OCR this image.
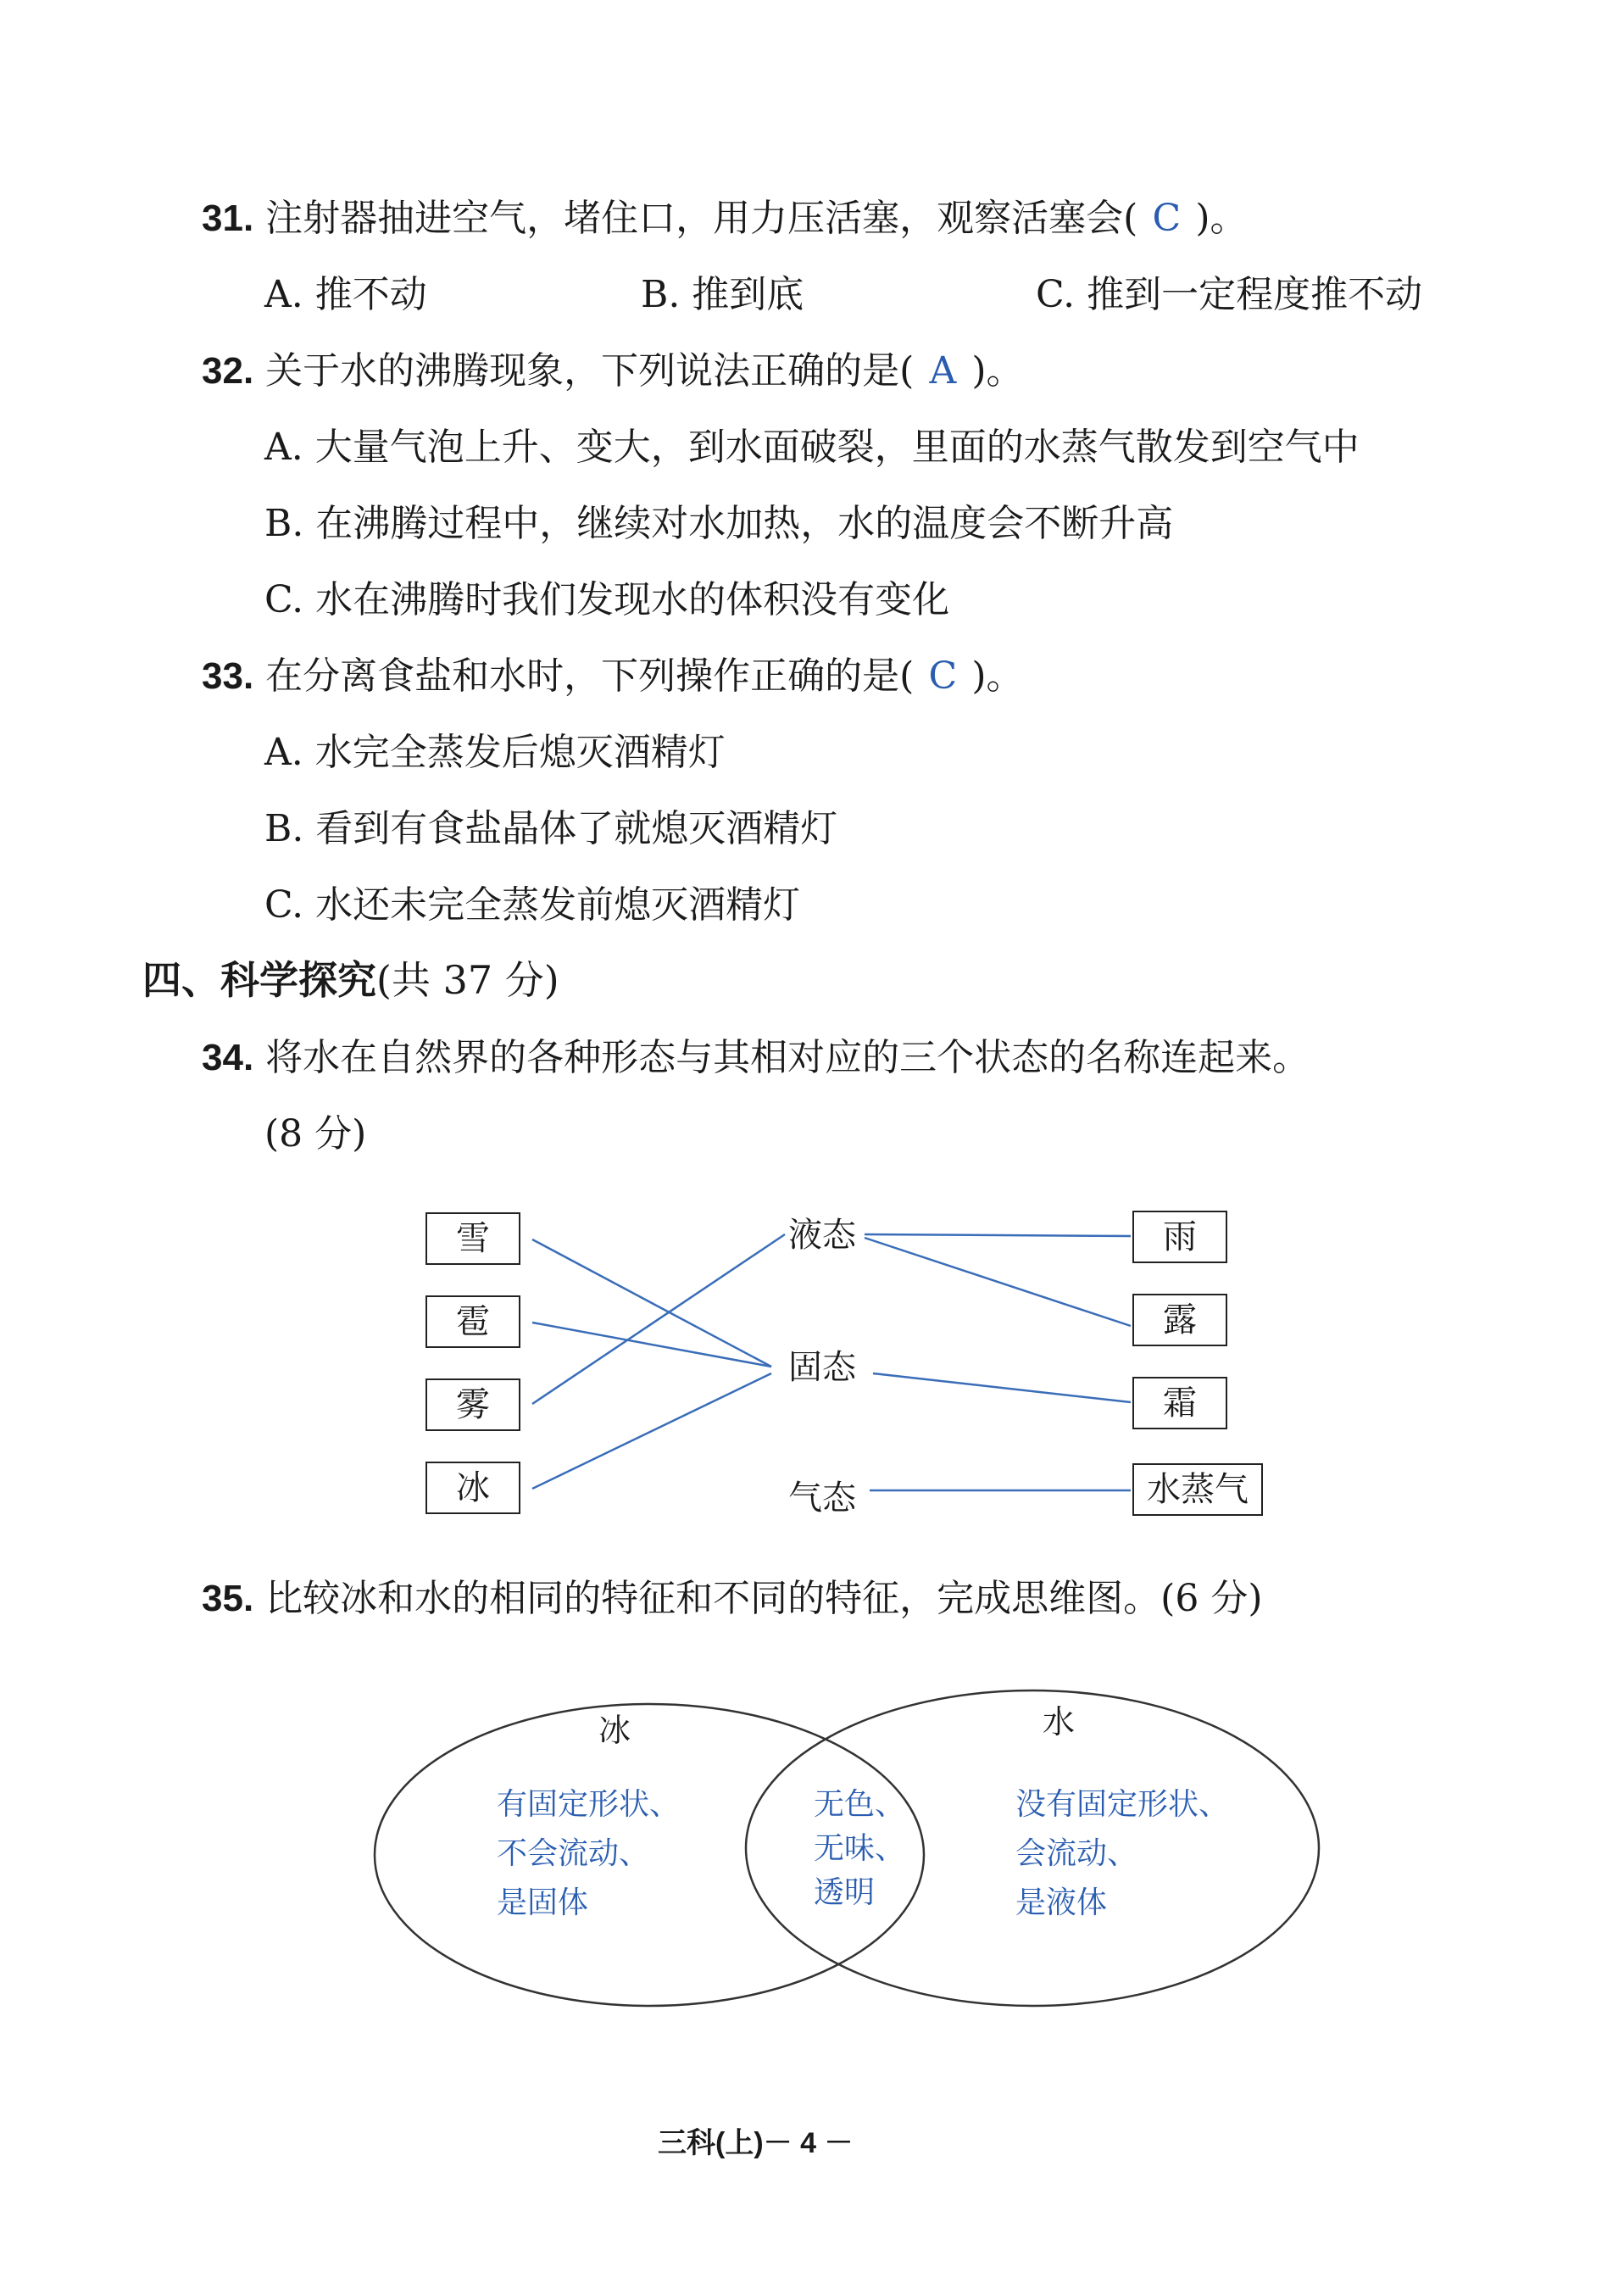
31. 注射器抽进空气，堵住口，用力压活塞，观察活塞会( C )。
A. 推不动	B. 推到底	C. 推到一定程度推不动
32. 关于水的沸腾现象，下列说法正确的是( A )。
A. 大量气泡上升、变大，到水面破裂，里面的水蒸气散发到空气中
B. 在沸腾过程中，继续对水加热，水的温度会不断升高
C. 水在沸腾时我们发现水的体积没有变化
33. 在分离食盐和水时，下列操作正确的是( C )。
A. 水完全蒸发后熄灭酒精灯
B. 看到有食盐晶体了就熄灭酒精灯
C. 水还未完全蒸发前熄灭酒精灯
四、科学探究(共 37 分)
34. 将水在自然界的各种形态与其相对应的三个状态的名称连起来。
(8 分)
雪
雹
雾
冰
液态
固态
气态
雨
露
霜
水蒸气
35. 比较冰和水的相同的特征和不同的特征，完成思维图。(6 分)
冰	水
有固定形状、
不会流动、
是固体
无色、
无味、
透明
没有固定形状、
会流动、
是液体
三科(上)－ 4 －
